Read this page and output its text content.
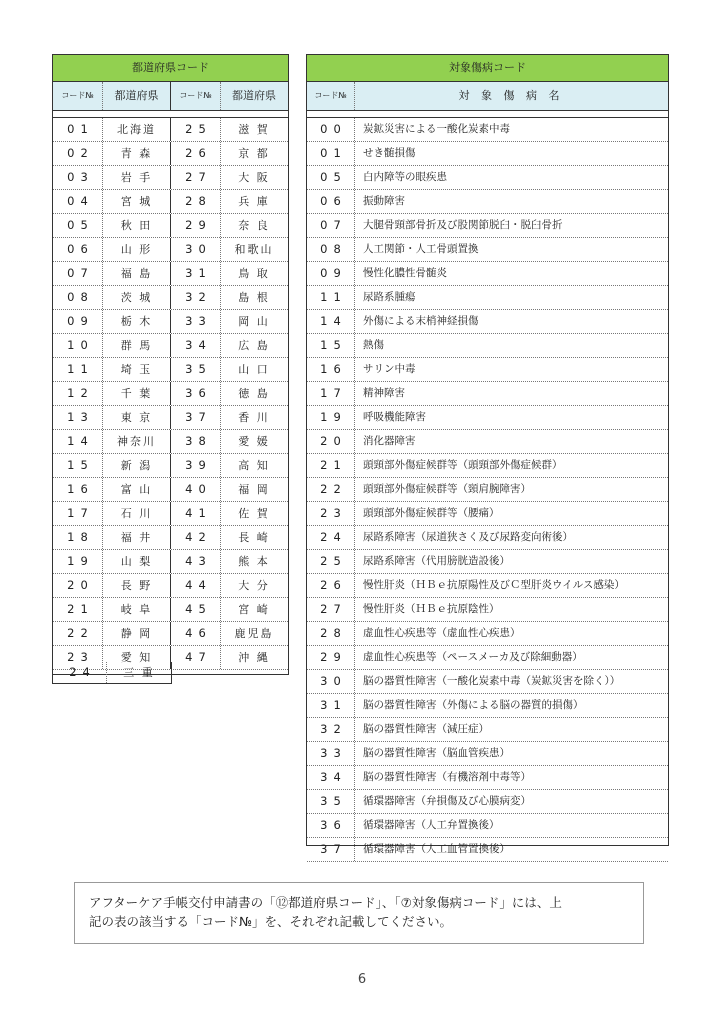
都道府県コード
コード№	都道府県	コード№	都道府県
01	北海道	25	滋 賀
02	青 森	26	京 都
03	岩 手	27	大 阪
04	宮 城	28	兵 庫
05	秋 田	29	奈 良
06	山 形	30	和歌山
07	福 島	31	鳥 取
08	茨 城	32	島 根
09	栃 木	33	岡 山
10	群 馬	34	広 島
11	埼 玉	35	山 口
12	千 葉	36	徳 島
13	東 京	37	香 川
14	神奈川	38	愛 媛
15	新 潟	39	高 知
16	富 山	40	福 岡
17	石 川	41	佐 賀
18	福 井	42	長 崎
19	山 梨	43	熊 本
20	長 野	44	大 分
21	岐 阜	45	宮 崎
22	静 岡	46	鹿児島
23	愛 知	47	沖 縄
24	三 重
対象傷病コード
コード№	対 象 傷 病 名
00	炭鉱災害による一酸化炭素中毒
01	せき髄損傷
05	白内障等の眼疾患
06	振動障害
07	大腿骨頸部骨折及び股関節脱臼・脱臼骨折
08	人工関節・人工骨頭置換
09	慢性化膿性骨髄炎
11	尿路系腫瘍
14	外傷による末梢神経損傷
15	熱傷
16	サリン中毒
17	精神障害
19	呼吸機能障害
20	消化器障害
21	頭頸部外傷症候群等（頭頸部外傷症候群）
22	頭頸部外傷症候群等（頸肩腕障害）
23	頭頸部外傷症候群等（腰痛）
24	尿路系障害（尿道狭さく及び尿路変向術後）
25	尿路系障害（代用膀胱造設後）
26	慢性肝炎（ＨＢｅ抗原陽性及びＣ型肝炎ウイルス感染）
27	慢性肝炎（ＨＢｅ抗原陰性）
28	虚血性心疾患等（虚血性心疾患）
29	虚血性心疾患等（ペースメーカ及び除細動器）
30	脳の器質性障害（一酸化炭素中毒（炭鉱災害を除く））
31	脳の器質性障害（外傷による脳の器質的損傷）
32	脳の器質性障害（減圧症）
33	脳の器質性障害（脳血管疾患）
34	脳の器質性障害（有機溶剤中毒等）
35	循環器障害（弁損傷及び心膜病変）
36	循環器障害（人工弁置換後）
37	循環器障害（人工血管置換後）
アフターケア手帳交付申請書の「⑫都道府県コード」、「⑦対象傷病コード」には、上
記の表の該当する「コード№」を、それぞれ記載してください。
6
